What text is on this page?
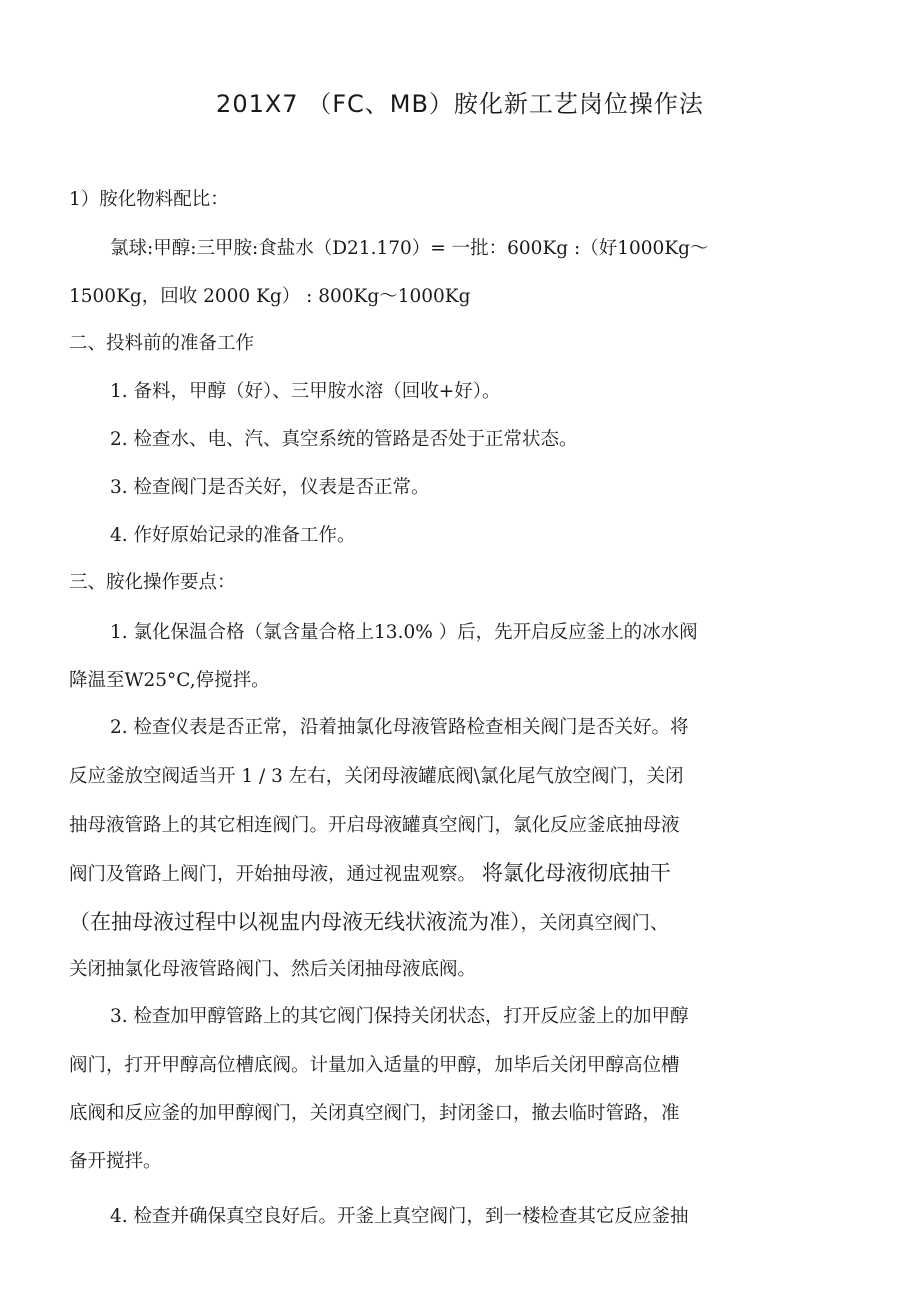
201X7 （FC、MB）胺化新工艺岗位操作法
1）胺化物料配比：
氯球:甲醇:三甲胺:食盐水（D21.170）= 一批：600Kg :（好1000Kg～
1500Kg，回收 2000 Kg） : 800Kg～1000Kg
二、投料前的准备工作
1. 备料，甲醇（好）、三甲胺水溶（回收+好）。
2. 检查水、电、汽、真空系统的管路是否处于正常状态。
3. 检查阀门是否关好，仪表是否正常。
4. 作好原始记录的准备工作。
三、胺化操作要点：
1. 氯化保温合格（氯含量合格上13.0% ）后，先开启反应釜上的冰水阀
降温至W25°C,停搅拌。
2. 检查仪表是否正常，沿着抽氯化母液管路检查相关阀门是否关好。将
反应釜放空阀适当开 1 / 3 左右，关闭母液罐底阀\氯化尾气放空阀门，关闭
抽母液管路上的其它相连阀门。开启母液罐真空阀门，氯化反应釜底抽母液
阀门及管路上阀门，开始抽母液，通过视盅观察。 将氯化母液彻底抽干
（在抽母液过程中以视盅内母液无线状液流为准），关闭真空阀门、
关闭抽氯化母液管路阀门、然后关闭抽母液底阀。
3. 检查加甲醇管路上的其它阀门保持关闭状态，打开反应釜上的加甲醇
阀门，打开甲醇高位槽底阀。计量加入适量的甲醇，加毕后关闭甲醇高位槽
底阀和反应釜的加甲醇阀门，关闭真空阀门，封闭釜口，撤去临时管路，准
备开搅拌。
4. 检查并确保真空良好后。开釜上真空阀门，到一楼检查其它反应釜抽
